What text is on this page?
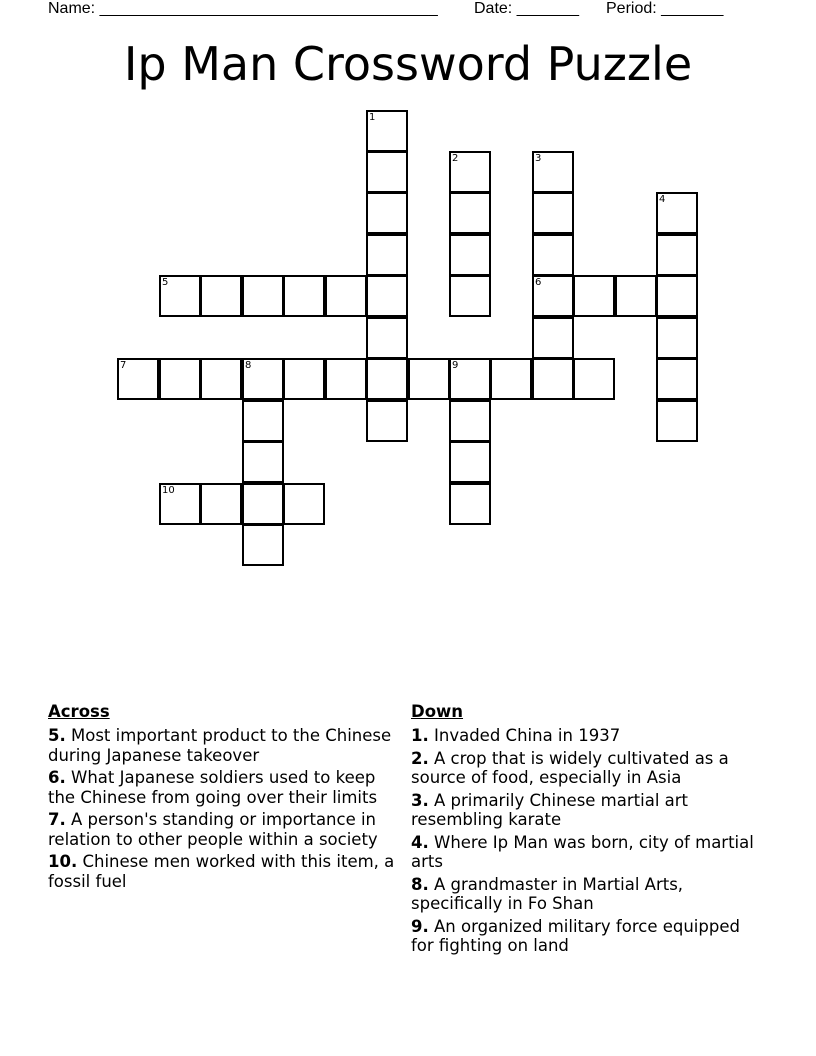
Name: ______________________________________ Date: _______ Period: _______
Ip Man Crossword Puzzle
1
2	3
6
4
5
7	8	9
10
Across
5. Most important product to the Chinese during Japanese takeover
6. What Japanese soldiers used to keep the Chinese from going over their limits
7. A person's standing or importance in relation to other people within a society
10. Chinese men worked with this item, a fossil fuel
Down
1. Invaded China in 1937
2. A crop that is widely cultivated as a source of food, especially in Asia
3. A primarily Chinese martial art resembling karate
4. Where Ip Man was born, city of martial arts
8. A grandmaster in Martial Arts, specifically in Fo Shan
9. An organized military force equipped for fighting on land
